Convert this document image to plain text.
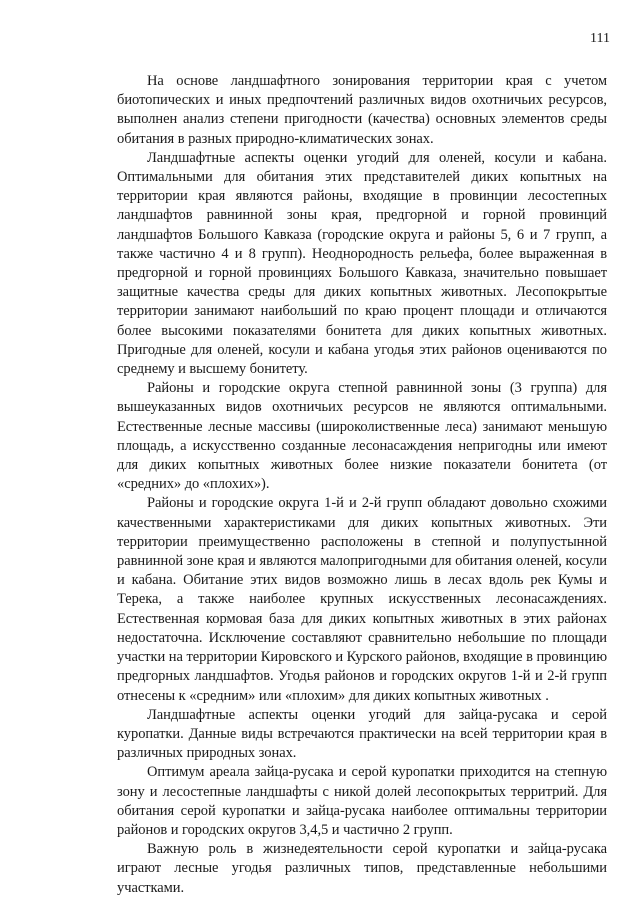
111

На основе ландшафтного зонирования территории края с учетом биотопических и иных предпочтений различных видов охотничьих ресурсов, выполнен анализ степени пригодности (качества) основных элементов среды обитания в разных природно-климатических зонах.

Ландшафтные аспекты оценки угодий для оленей, косули и кабана. Оптимальными для обитания этих представителей диких копытных на территории края являются районы, входящие в провинции лесостепных ландшафтов равнинной зоны края, предгорной и горной провинций ландшафтов Большого Кавказа (городские округа и районы 5, 6 и 7 групп, а также частично 4 и 8 групп). Неоднородность рельефа, более выраженная в предгорной и горной провинциях Большого Кавказа, значительно повышает защитные качества среды для диких копытных животных. Лесопокрытые территории занимают наибольший по краю процент площади и отличаются более высокими показателями бонитета для диких копытных животных. Пригодные для оленей, косули и кабана угодья этих районов оцениваются по среднему и высшему бонитету.

Районы и городские округа степной равнинной зоны (3 группа) для вышеуказанных видов охотничьих ресурсов не являются оптимальными. Естественные лесные массивы (широколиственные леса) занимают меньшую площадь, а искусственно созданные лесонасаждения непригодны или имеют для диких копытных животных более низкие показатели бонитета (от «средних» до «плохих»).

Районы и городские округа 1-й и 2-й групп обладают довольно схожими качественными характеристиками для диких копытных животных. Эти территории преимущественно расположены в степной и полупустынной равнинной зоне края и являются малопригодными для обитания оленей, косули и кабана. Обитание этих видов возможно лишь в лесах вдоль рек Кумы и Терека, а также наиболее крупных искусственных лесонасаждениях. Естественная кормовая база для диких копытных животных в этих районах недостаточна. Исключение составляют сравнительно небольшие по площади участки на территории Кировского и Курского районов, входящие в провинцию предгорных ландшафтов. Угодья районов и городских округов 1-й и 2-й групп отнесены к «средним» или «плохим» для диких копытных животных .

Ландшафтные аспекты оценки угодий для зайца-русака и серой куропатки. Данные виды встречаются практически на всей территории края в различных природных зонах.

Оптимум ареала зайца-русака и серой куропатки приходится на степную зону и лесостепные ландшафты с никой долей лесопокрытых территрий. Для обитания серой куропатки и зайца-русака наиболее оптимальны территории районов и городских округов 3,4,5 и частично 2 групп.

Важную роль в жизнедеятельности серой куропатки и зайца-русака играют лесные угодья различных типов, представленные небольшими участками.
